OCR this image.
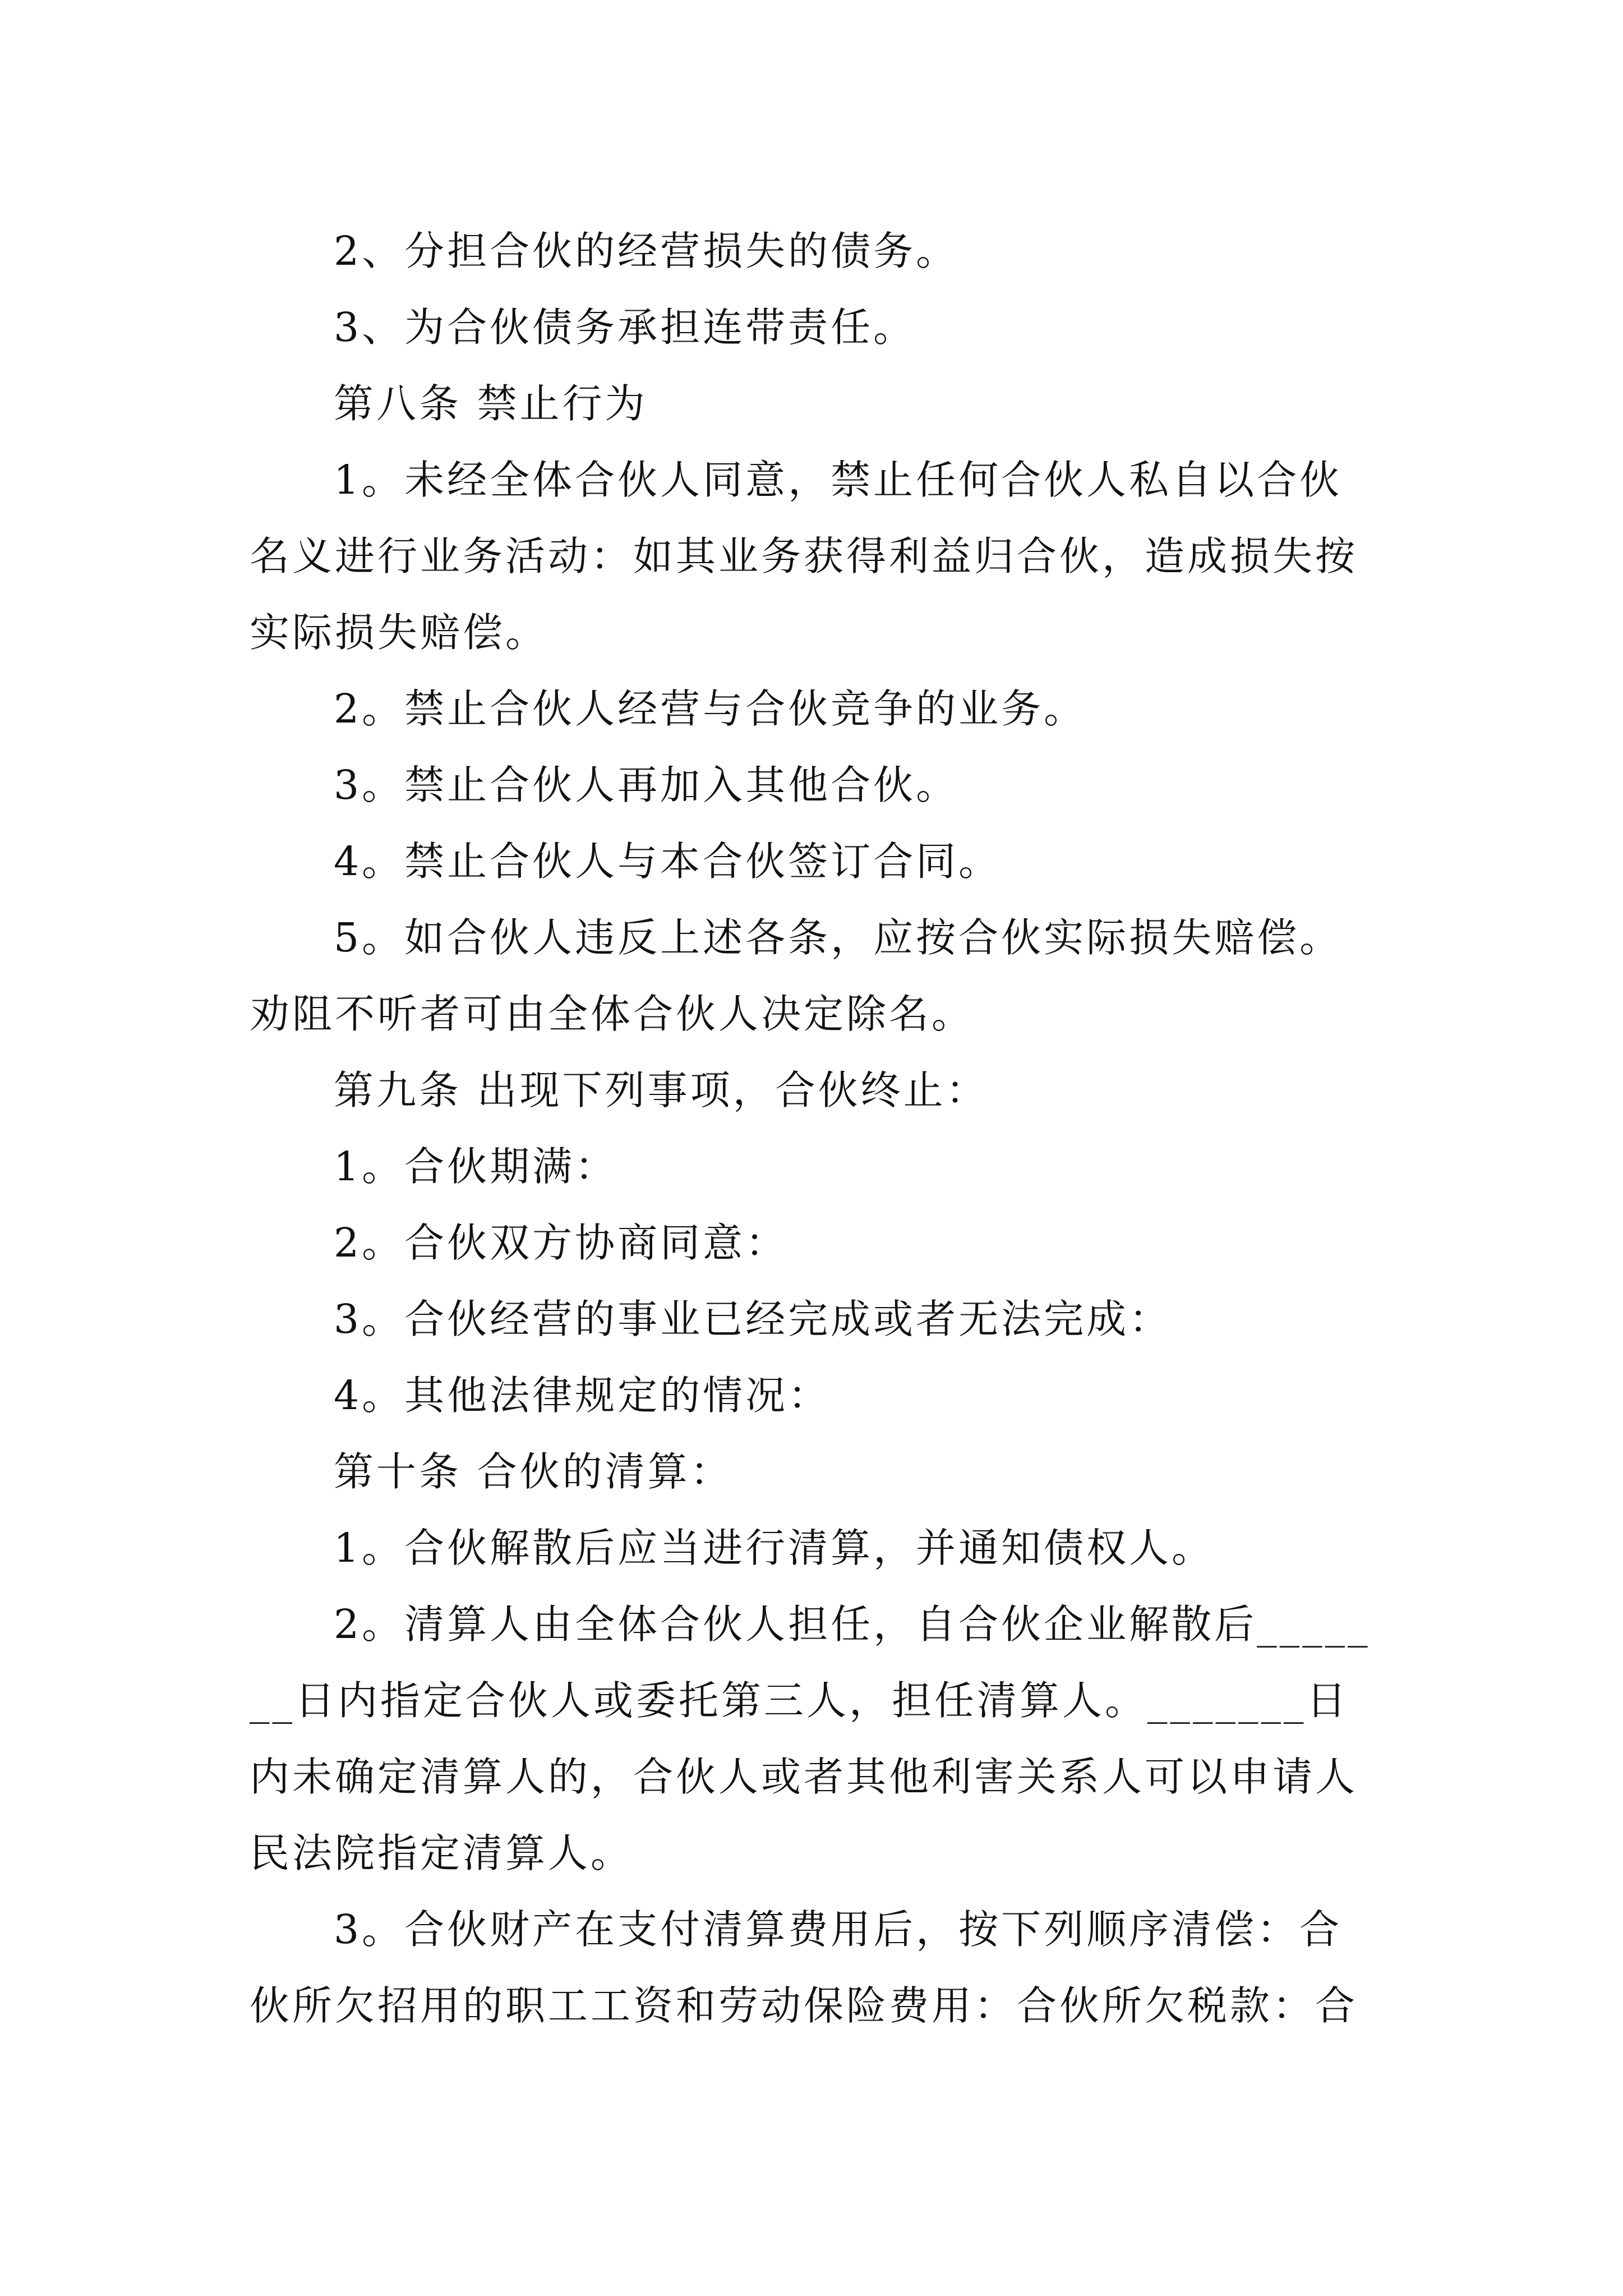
2、分担合伙的经营损失的债务。

3、为合伙债务承担连带责任。

第八条 禁止行为

1。未经全体合伙人同意，禁止任何合伙人私自以合伙名义进行业务活动：如其业务获得利益归合伙，造成损失按实际损失赔偿。

2。禁止合伙人经营与合伙竞争的业务。

3。禁止合伙人再加入其他合伙。

4。禁止合伙人与本合伙签订合同。

5。如合伙人违反上述各条，应按合伙实际损失赔偿。劝阻不听者可由全体合伙人决定除名。

第九条 出现下列事项，合伙终止：

1。合伙期满：

2。合伙双方协商同意：

3。合伙经营的事业已经完成或者无法完成：

4。其他法律规定的情况：

第十条 合伙的清算：

1。合伙解散后应当进行清算，并通知债权人。

2。清算人由全体合伙人担任，自合伙企业解散后_______日内指定合伙人或委托第三人，担任清算人。_______日内未确定清算人的，合伙人或者其他利害关系人可以申请人民法院指定清算人。

3。合伙财产在支付清算费用后，按下列顺序清偿：合伙所欠招用的职工工资和劳动保险费用：合伙所欠税款：合
